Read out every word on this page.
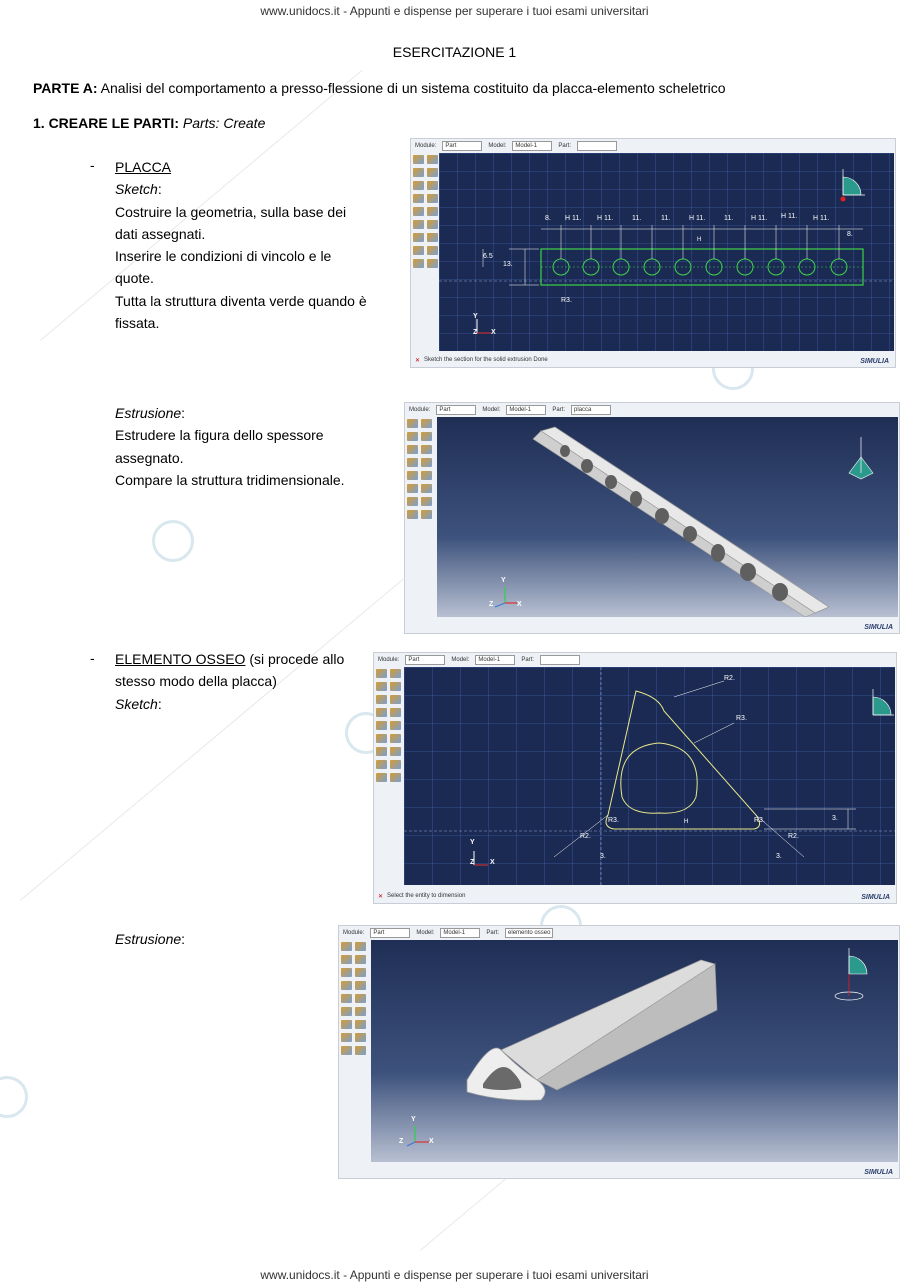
www.unidocs.it - Appunti e dispense per superare i tuoi esami universitari
www.unidocs.it - Appunti e dispense per superare i tuoi esami universitari
ESERCITAZIONE 1
PARTE A: Analisi del comportamento a presso-flessione di un sistema costituito da placca-elemento scheletrico
1. CREARE LE PARTI: Parts: Create
- PLACCA
Sketch:
Costruire la geometria, sulla base dei
dati assegnati.
Inserire le condizioni di vincolo e le
quote.
Tutta la struttura diventa verde quando è
fissata.
Estrusione:
Estrudere la figura dello spessore
assegnato.
Compare la struttura tridimensionale.
- ELEMENTO OSSEO (si procede allo
stesso modo della placca)
Sketch:
Estrusione:
Module:	Part	Model:	Model-1	Part:
8. H 11. H 11.	11.	11.	H 11.	11.	H 11. H 11. H 11.
8.
H
6.5
13.
R3.
Y
Z X
✕ Sketch the section for the solid extrusion Done	SIMULIA
Module:	Part	Model:	Model-1	Part:	placca
Y
Z	X
SIMULIA
Module:	Part	Model:	Model-1	Part:
R2.
R3.
R3.	R3.
R2.	R2.
3.
3.	3.
H
Y
Z X
✕ Select the entity to dimension	SIMULIA
Module:	Part	Model:	Model-1	Part:	elemento osseo
Y
Z	X
SIMULIA
